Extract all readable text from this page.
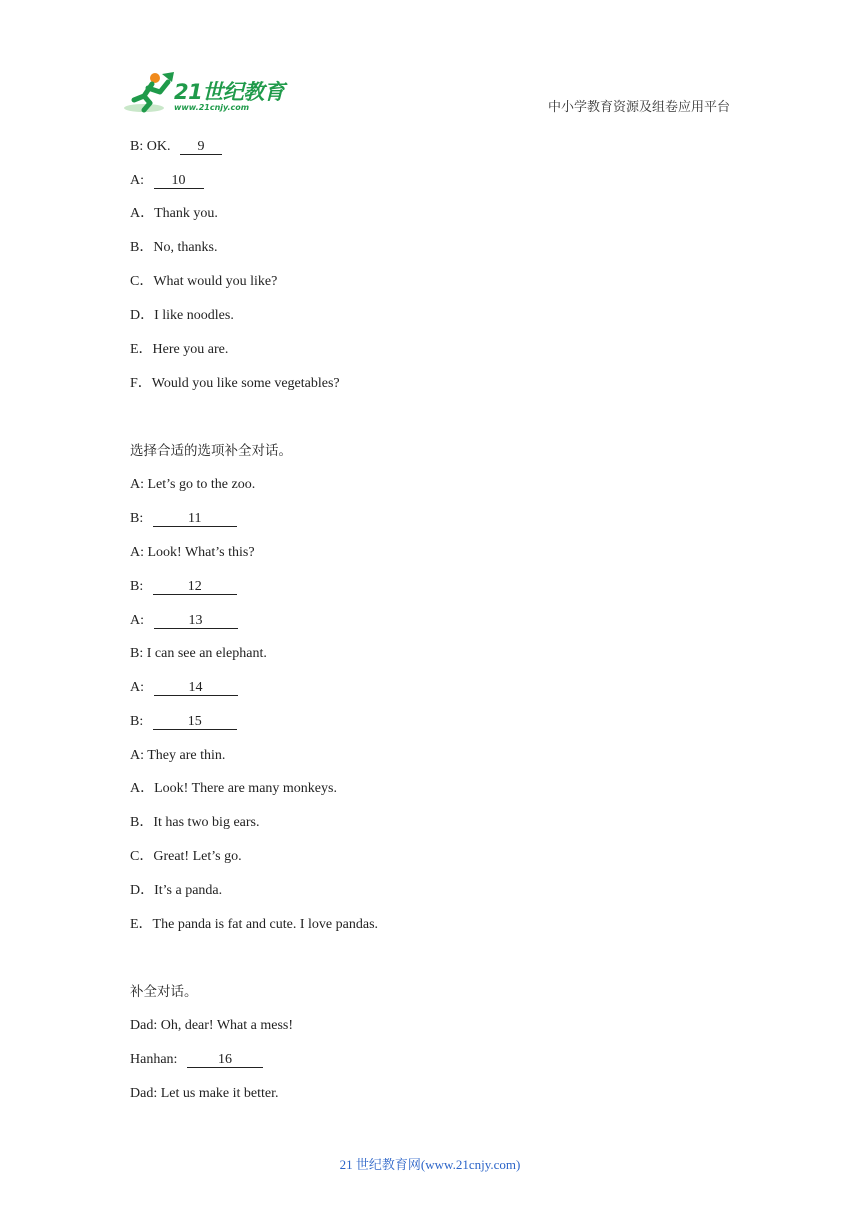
21世纪教育
www.21cnjy.com	中小学教育资源及组卷应用平台
B: OK. 9
A: 10
A．Thank you.
B．No, thanks.
C．What would you like?
D．I like noodles.
E．Here you are.
F．Would you like some vegetables?
选择合适的选项补全对话。
A: Let’s go to the zoo.
B:	11
A: Look! What’s this?
B:	12
A:	13
B: I can see an elephant.
A:	14
B:	15
A: They are thin.
A．Look! There are many monkeys.
B．It has two big ears.
C．Great! Let’s go.
D．It’s a panda.
E．The panda is fat and cute. I love pandas.
补全对话。
Dad: Oh, dear! What a mess!
Hanhan:	16
Dad: Let us make it better.
21 世纪教育网(www.21cnjy.com)
